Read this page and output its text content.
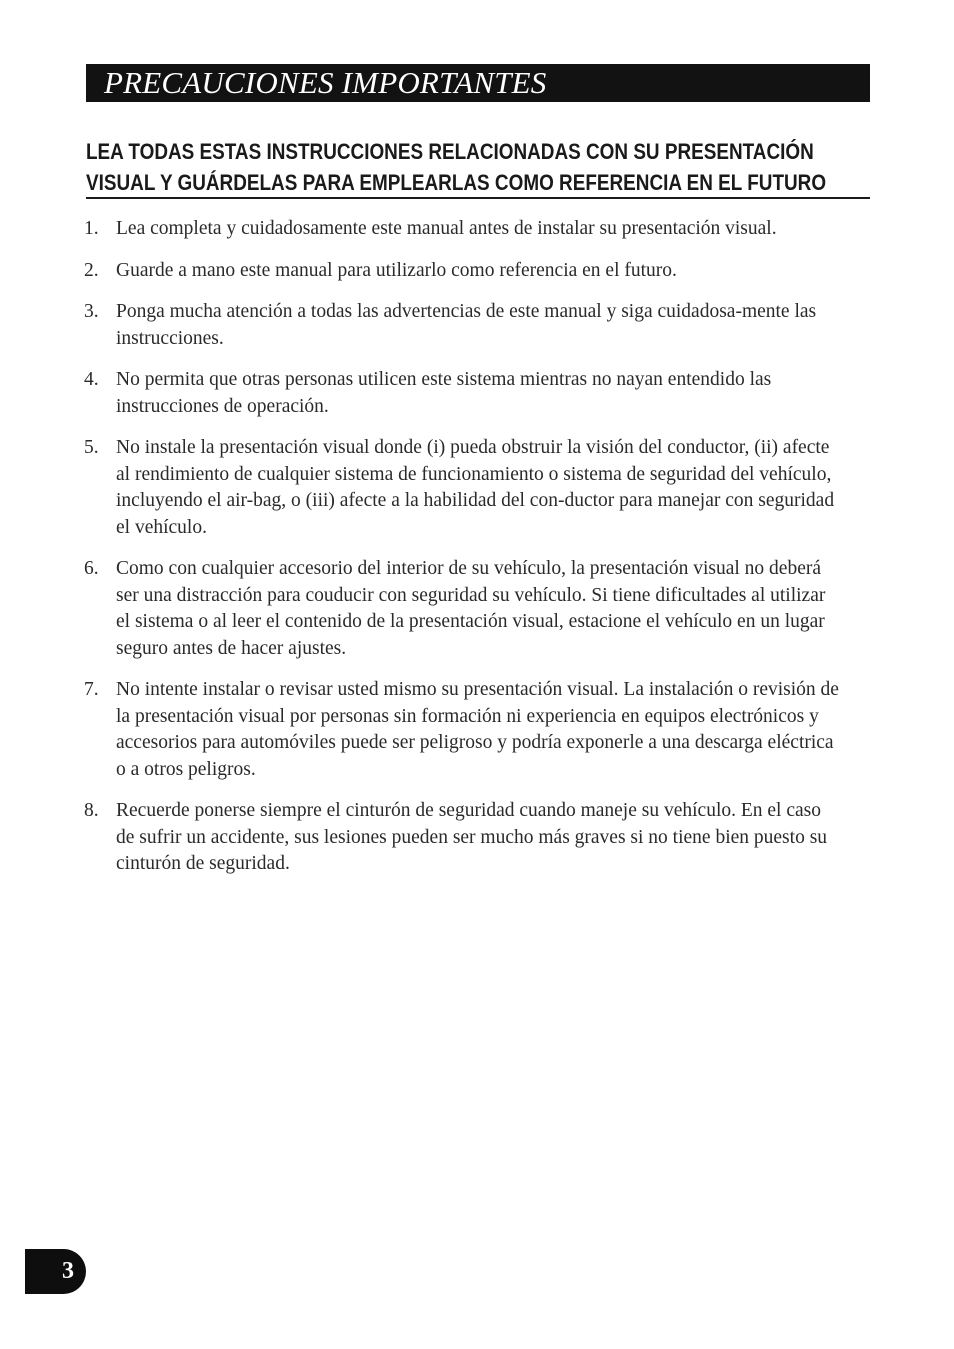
PRECAUCIONES IMPORTANTES
LEA TODAS ESTAS INSTRUCCIONES RELACIONADAS CON SU PRESENTACIÓN
VISUAL Y GUÁRDELAS PARA EMPLEARLAS COMO REFERENCIA EN EL FUTURO
1. Lea completa y cuidadosamente este manual antes de instalar su presentación visual.
2. Guarde a mano este manual para utilizarlo como referencia en el futuro.
3. Ponga mucha atención a todas las advertencias de este manual y siga cuidadosa-mente las instrucciones.
4. No permita que otras personas utilicen este sistema mientras no nayan entendido las instrucciones de operación.
5. No instale la presentación visual donde (i) pueda obstruir la visión del conductor, (ii) afecte al rendimiento de cualquier sistema de funcionamiento o sistema de seguridad del vehículo, incluyendo el air-bag, o (iii) afecte a la habilidad del con-ductor para manejar con seguridad el vehículo.
6. Como con cualquier accesorio del interior de su vehículo, la presentación visual no deberá ser una distracción para couducir con seguridad su vehículo. Si tiene dificultades al utilizar el sistema o al leer el contenido de la presentación visual, estacione el vehículo en un lugar seguro antes de hacer ajustes.
7. No intente instalar o revisar usted mismo su presentación visual. La instalación o revisión de la presentación visual por personas sin formación ni experiencia en equipos electrónicos y accesorios para automóviles puede ser peligroso y podría exponerle a una descarga eléctrica o a otros peligros.
8. Recuerde ponerse siempre el cinturón de seguridad cuando maneje su vehículo. En el caso de sufrir un accidente, sus lesiones pueden ser mucho más graves si no tiene bien puesto su cinturón de seguridad.
3
